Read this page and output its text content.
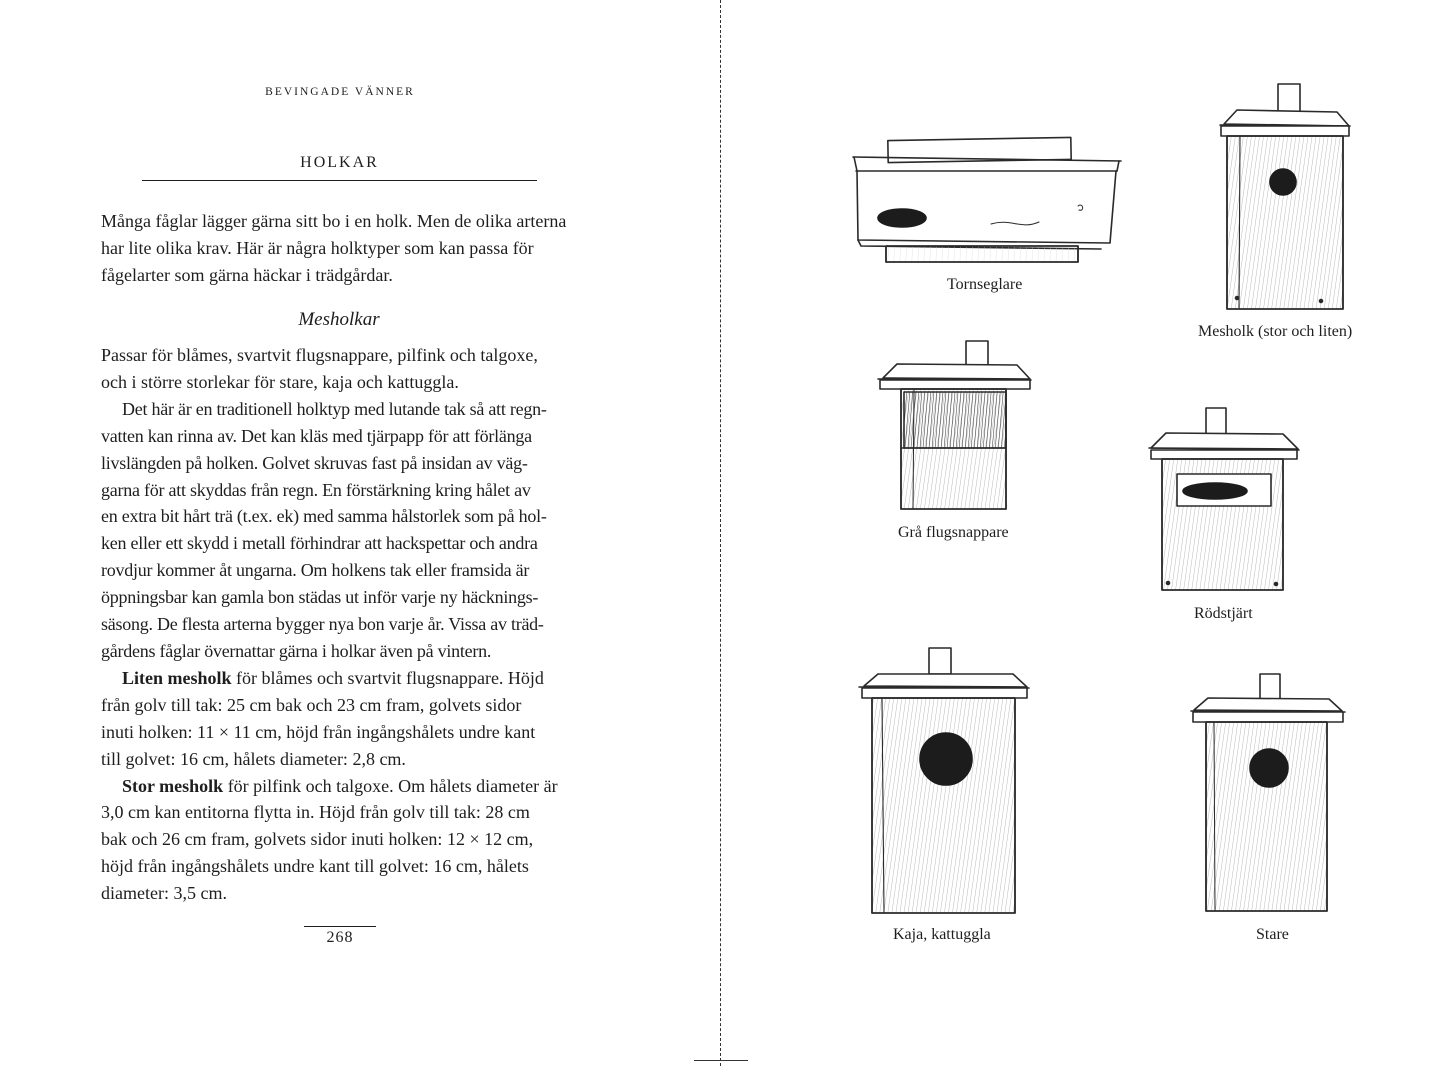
BEVINGADE VÄNNER
HOLKAR

Många fåglar lägger gärna sitt bo i en holk. Men de olika arterna

har lite olika krav. Här är några holktyper som kan passa för

fågelarter som gärna häckar i trädgårdar.

Mesholkar

Passar för blåmes, svartvit flugsnappare, pilfink och talgoxe,

och i större storlekar för stare, kaja och kattuggla.

Det här är en traditionell holktyp med lutande tak så att regn-

vatten kan rinna av. Det kan kläs med tjärpapp för att förlänga

livslängden på holken. Golvet skruvas fast på insidan av väg-

garna för att skyddas från regn. En förstärkning kring hålet av

en extra bit hårt trä (t.ex. ek) med samma hålstorlek som på hol-

ken eller ett skydd i metall förhindrar att hackspettar och andra

rovdjur kommer åt ungarna. Om holkens tak eller framsida är

öppningsbar kan gamla bon städas ut inför varje ny häcknings-

säsong. De flesta arterna bygger nya bon varje år. Vissa av träd-

gårdens fåglar övernattar gärna i holkar även på vintern.

Liten mesholk för blåmes och svartvit flugsnappare. Höjd

från golv till tak: 25 cm bak och 23 cm fram, golvets sidor

inuti holken: 11 × 11 cm, höjd från ingångshålets undre kant

till golvet: 16 cm, hålets diameter: 2,8 cm.

Stor mesholk för pilfink och talgoxe. Om hålets diameter är

3,0 cm kan entitorna flytta in. Höjd från golv till tak: 28 cm

bak och 26 cm fram, golvets sidor inuti holken: 12 × 12 cm,

höjd från ingångshålets undre kant till golvet: 16 cm, hålets

diameter: 3,5 cm.

268
Tornseglare
Mesholk (stor och liten)
Grå flugsnappare
Rödstjärt
Kaja, kattuggla	Stare
